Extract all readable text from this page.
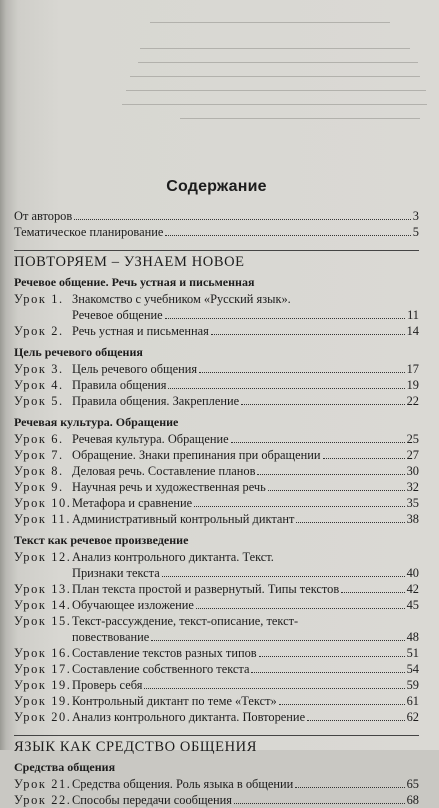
Содержание
От авторов	3
Тематическое планирование	5
ПОВТОРЯЕМ – УЗНАЕМ НОВОЕ
Речевое общение. Речь устная и письменная
Урок 1. Знакомство с учебником «Русский язык».
Речевое общение	11
Урок 2. Речь устная и письменная	14
Цель речевого общения
Урок 3. Цель речевого общения	17
Урок 4. Правила общения	19
Урок 5. Правила общения. Закрепление	22
Речевая культура. Обращение
Урок 6. Речевая культура. Обращение	25
Урок 7. Обращение. Знаки препинания при обращении	27
Урок 8. Деловая речь. Составление планов	30
Урок 9. Научная речь и художественная речь	32
Урок 10. Метафора и сравнение	35
Урок 11. Административный контрольный диктант	38
Текст как речевое произведение
Урок 12. Анализ контрольного диктанта. Текст.
Признаки текста	40
Урок 13. План текста простой и развернутый. Типы текстов	42
Урок 14. Обучающее изложение	45
Урок 15. Текст-рассуждение, текст-описание, текст-
повествование	48
Урок 16. Составление текстов разных типов	51
Урок 17. Составление собственного текста	54
Урок 19. Проверь себя	59
Урок 19. Контрольный диктант по теме «Текст»	61
Урок 20. Анализ контрольного диктанта. Повторение	62
ЯЗЫК КАК СРЕДСТВО ОБЩЕНИЯ
Средства общения
Урок 21. Средства общения. Роль языка в общении	65
Урок 22. Способы передачи сообщения	68
